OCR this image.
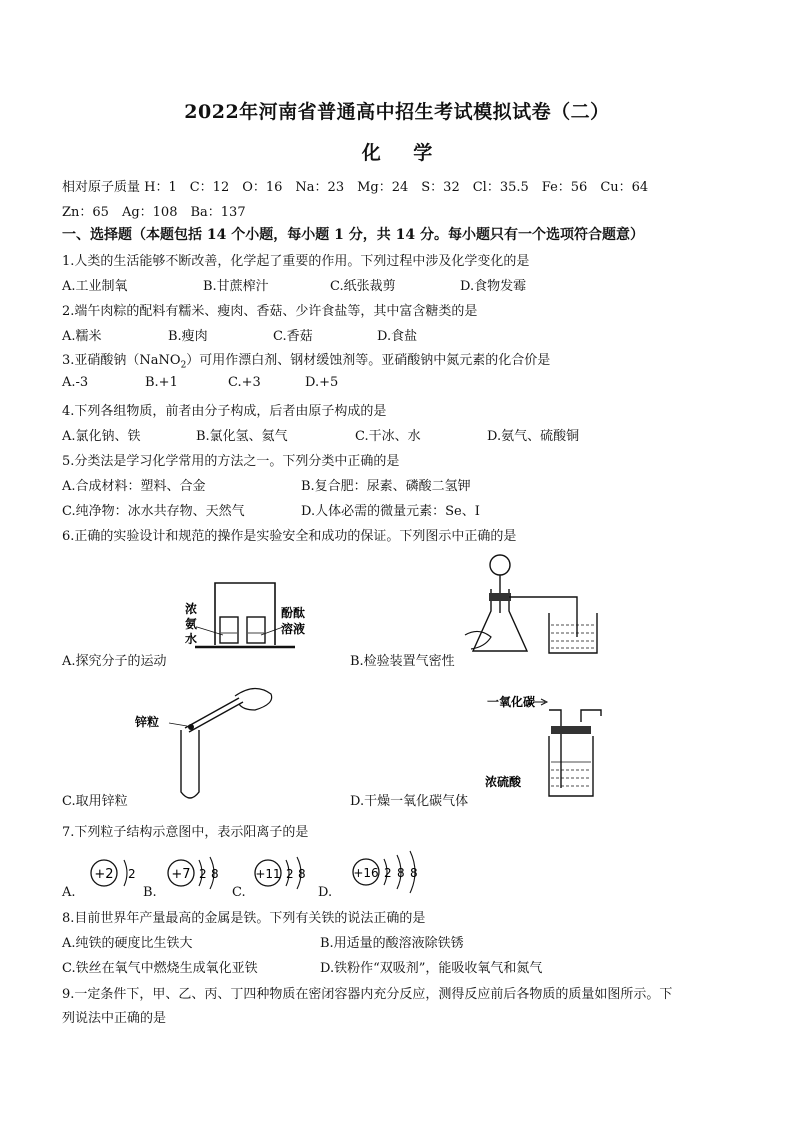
2022年河南省普通高中招生考试模拟试卷（二）
化 学
相对原子质量 H：1　C：12　O：16　Na：23　Mg：24　S：32　Cl：35.5　Fe：56　Cu：64
Zn：65　Ag：108　Ba：137
一、选择题（本题包括 14 个小题，每小题 1 分，共 14 分。每小题只有一个选项符合题意）
1.人类的生活能够不断改善，化学起了重要的作用。下列过程中涉及化学变化的是
A.工业制氧	B.甘蔗榨汁	C.纸张裁剪	D.食物发霉
2.端午肉粽的配料有糯米、瘦肉、香菇、少许食盐等，其中富含糖类的是
A.糯米	B.瘦肉	C.香菇	D.食盐
3.亚硝酸钠（NaNO$_2$）可用作漂白剂、钢材缓蚀剂等。亚硝酸钠中氮元素的化合价是
A.-3	B.+1	C.+3	D.+5
4.下列各组物质，前者由分子构成，后者由原子构成的是
A.氯化钠、铁	B.氯化氢、氦气	C.干冰、水	D.氨气、硫酸铜
5.分类法是学习化学常用的方法之一。下列分类中正确的是
A.合成材料：塑料、合金	B.复合肥：尿素、磷酸二氢钾
C.纯净物：冰水共存物、天然气	D.人体必需的微量元素：Se、I
6.正确的实验设计和规范的操作是实验安全和成功的保证。下列图示中正确的是
浓
氨
水
酚酞
溶液
A.探究分子的运动	B.检验装置气密性
锌粒
C.取用锌粒
一氧化碳
浓硫酸
D.干燥一氧化碳气体
7.下列粒子结构示意图中，表示阳离子的是
+2 2
A.
+7 2 8
B.
+11 2 8
C.
+16 2 8 8
D.
8.目前世界年产量最高的金属是铁。下列有关铁的说法正确的是
A.纯铁的硬度比生铁大	B.用适量的酸溶液除铁锈
C.铁丝在氧气中燃烧生成氧化亚铁	D.铁粉作“双吸剂”，能吸收氧气和氮气
9.一定条件下，甲、乙、丙、丁四种物质在密闭容器内充分反应，测得反应前后各物质的质量如图所示。下
列说法中正确的是
